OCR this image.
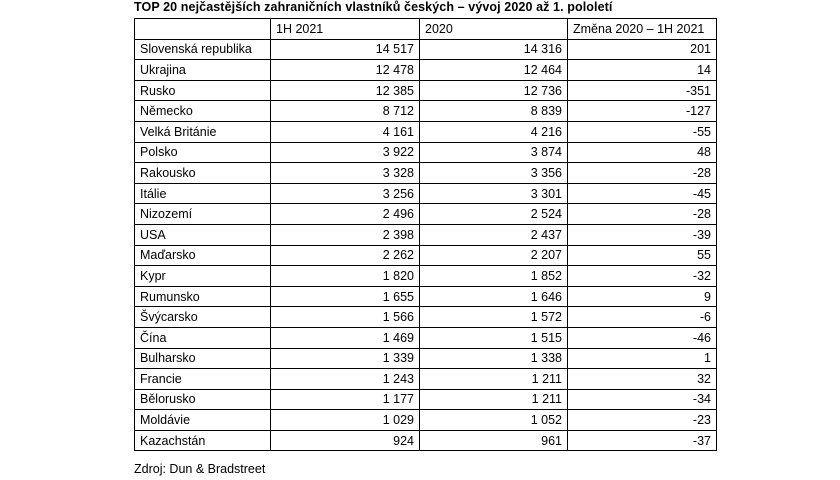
TOP 20 nejčastějších zahraničních vlastníků českých – vývoj 2020 až 1. pololetí
	1H 2021	2020	Změna 2020 – 1H 2021
Slovenská republika	14 517	14 316	201
Ukrajina	12 478	12 464	14
Rusko	12 385	12 736	-351
Německo	8 712	8 839	-127
Velká Británie	4 161	4 216	-55
Polsko	3 922	3 874	48
Rakousko	3 328	3 356	-28
Itálie	3 256	3 301	-45
Nizozemí	2 496	2 524	-28
USA	2 398	2 437	-39
Maďarsko	2 262	2 207	55
Kypr	1 820	1 852	-32
Rumunsko	1 655	1 646	9
Švýcarsko	1 566	1 572	-6
Čína	1 469	1 515	-46
Bulharsko	1 339	1 338	1
Francie	1 243	1 211	32
Bělorusko	1 177	1 211	-34
Moldávie	1 029	1 052	-23
Kazachstán	924	961	-37
Zdroj: Dun & Bradstreet
